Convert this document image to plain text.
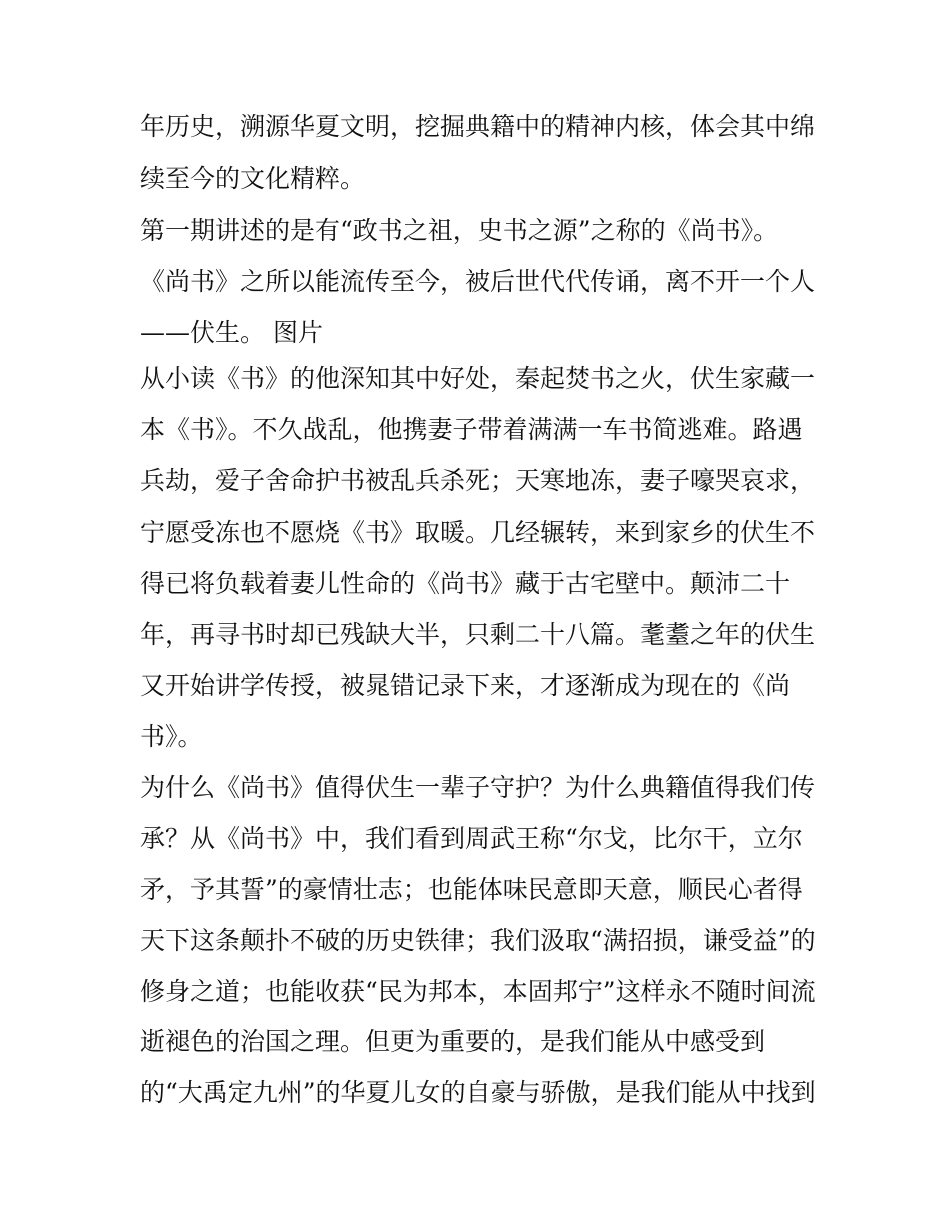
年历史，溯源华夏文明，挖掘典籍中的精神内核，体会其中绵
续至今的文化精粹。
第一期讲述的是有“政书之祖，史书之源”之称的《尚书》。
《尚书》之所以能流传至今，被后世代代传诵，离不开一个人
——伏生。 图片
从小读《书》的他深知其中好处，秦起焚书之火，伏生家藏一
本《书》。不久战乱，他携妻子带着满满一车书简逃难。路遇
兵劫，爱子舍命护书被乱兵杀死；天寒地冻，妻子嚎哭哀求，
宁愿受冻也不愿烧《书》取暖。几经辗转，来到家乡的伏生不
得已将负载着妻儿性命的《尚书》藏于古宅壁中。颠沛二十
年，再寻书时却已残缺大半，只剩二十八篇。耄耋之年的伏生
又开始讲学传授，被晁错记录下来，才逐渐成为现在的《尚
书》。
为什么《尚书》值得伏生一辈子守护？为什么典籍值得我们传
承？从《尚书》中，我们看到周武王称“尔戈，比尔干，立尔
矛，予其誓”的豪情壮志；也能体味民意即天意，顺民心者得
天下这条颠扑不破的历史铁律；我们汲取“满招损，谦受益”的
修身之道；也能收获“民为邦本，本固邦宁”这样永不随时间流
逝褪色的治国之理。但更为重要的，是我们能从中感受到
的“大禹定九州”的华夏儿女的自豪与骄傲，是我们能从中找到
